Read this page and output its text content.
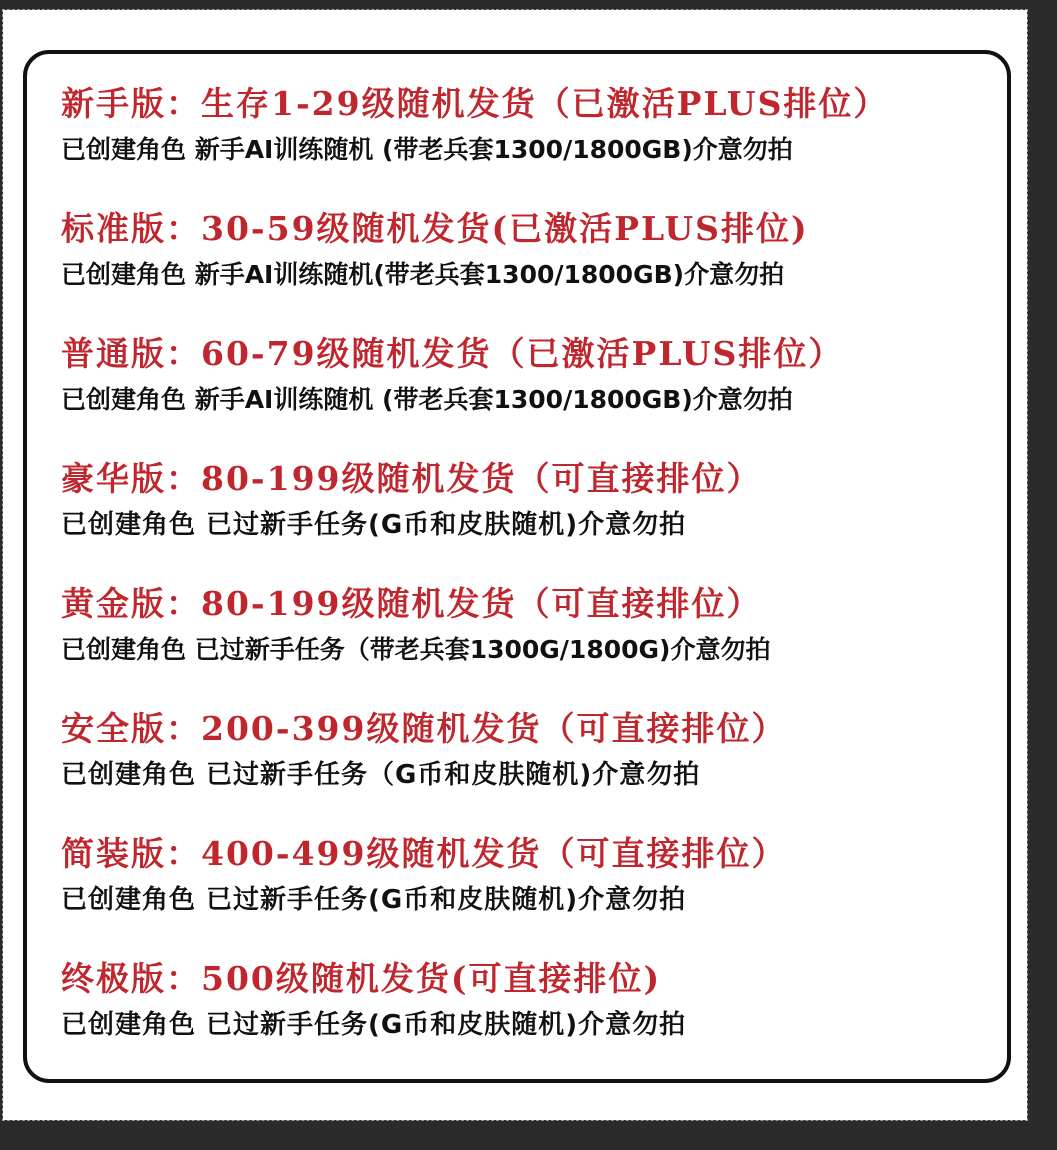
新手版：生存1-29级随机发货（已激活PLUS排位）
已创建角色 新手AI训练随机 (带老兵套1300/1800GB)介意勿拍
标准版：30-59级随机发货(已激活PLUS排位)
已创建角色 新手AI训练随机(带老兵套1300/1800GB)介意勿拍
普通版：60-79级随机发货（已激活PLUS排位）
已创建角色 新手AI训练随机 (带老兵套1300/1800GB)介意勿拍
豪华版：80-199级随机发货（可直接排位）
已创建角色 已过新手任务(G币和皮肤随机)介意勿拍
黄金版：80-199级随机发货（可直接排位）
已创建角色 已过新手任务（带老兵套1300G/1800G)介意勿拍
安全版：200-399级随机发货（可直接排位）
已创建角色 已过新手任务（G币和皮肤随机)介意勿拍
简装版：400-499级随机发货（可直接排位）
已创建角色 已过新手任务(G币和皮肤随机)介意勿拍
终极版：500级随机发货(可直接排位)
已创建角色 已过新手任务(G币和皮肤随机)介意勿拍
